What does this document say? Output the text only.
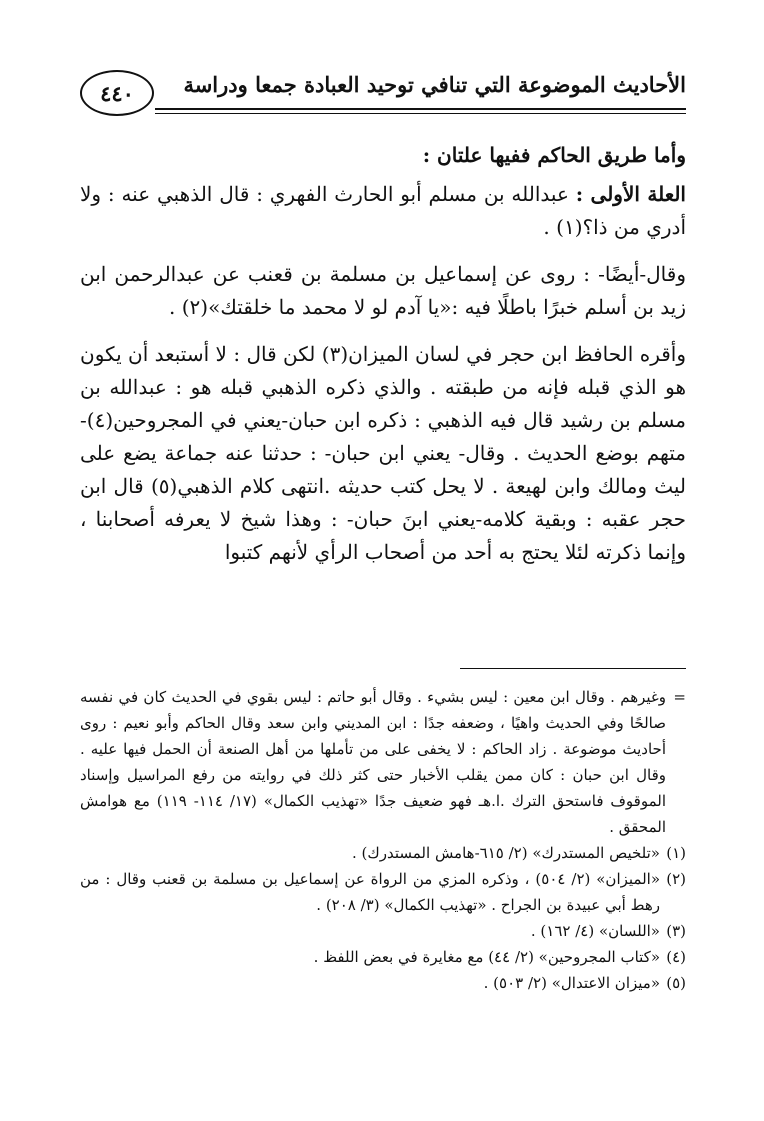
٤٤٠	الأحاديث الموضوعة التي تنافي توحيد العبادة جمعا ودراسة
وأما طريق الحاكم ففيها علتان :

العلة الأولى : عبدالله بن مسلم أبو الحارث الفهري : قال الذهبي عنه : ولا أدري من ذا؟(١) .

وقال-أيضًا- : روى عن إسماعيل بن مسلمة بن قعنب عن عبدالرحمن ابن زيد بن أسلم خبرًا باطلًا فيه :«يا آدم لو لا محمد ما خلقتك»(٢) .

وأقره الحافظ ابن حجر في لسان الميزان(٣) لكن قال : لا أستبعد أن يكون هو الذي قبله فإنه من طبقته . والذي ذكره الذهبي قبله هو : عبدالله بن مسلم بن رشيد قال فيه الذهبي : ذكره ابن حبان-يعني في المجروحين(٤)- متهم بوضع الحديث . وقال- يعني ابن حبان- : حدثنا عنه جماعة يضع على ليث ومالك وابن لهيعة . لا يحل كتب حديثه .انتهى كلام الذهبي(٥) قال ابن حجر عقبه : وبقية كلامه-يعني ابنَ حبان- : وهذا شيخ لا يعرفه أصحابنا ، وإنما ذكرته لئلا يحتج به أحد من أصحاب الرأي لأنهم كتبوا

=
وغيرهم . وقال ابن معين : ليس بشيء . وقال أبو حاتم : ليس بقوي في الحديث كان في نفسه صالحًا وفي الحديث واهيًا ، وضعفه جدًا : ابن المديني وابن سعد وقال الحاكم وأبو نعيم : روى أحاديث موضوعة . زاد الحاكم : لا يخفى على من تأملها من أهل الصنعة أن الحمل فيها عليه . وقال ابن حبان : كان ممن يقلب الأخبار حتى كثر ذلك في روايته من رفع المراسيل وإسناد الموقوف فاستحق الترك .ا.هـ فهو ضعيف جدًا «تهذيب الكمال» (١٧/ ١١٤- ١١٩) مع هوامش المحقق .

(١)
«تلخيص المستدرك» (٢/ ٦١٥-هامش المستدرك) .

(٢)
«الميزان» (٢/ ٥٠٤) ، وذكره المزي من الرواة عن إسماعيل بن مسلمة بن قعنب وقال : من رهط أبي عبيدة بن الجراح . «تهذيب الكمال» (٣/ ٢٠٨) .

(٣)
«اللسان» (٤/ ١٦٢) .

(٤)
«كتاب المجروحين» (٢/ ٤٤) مع مغايرة في بعض اللفظ .

(٥)
«ميزان الاعتدال» (٢/ ٥٠٣) .
